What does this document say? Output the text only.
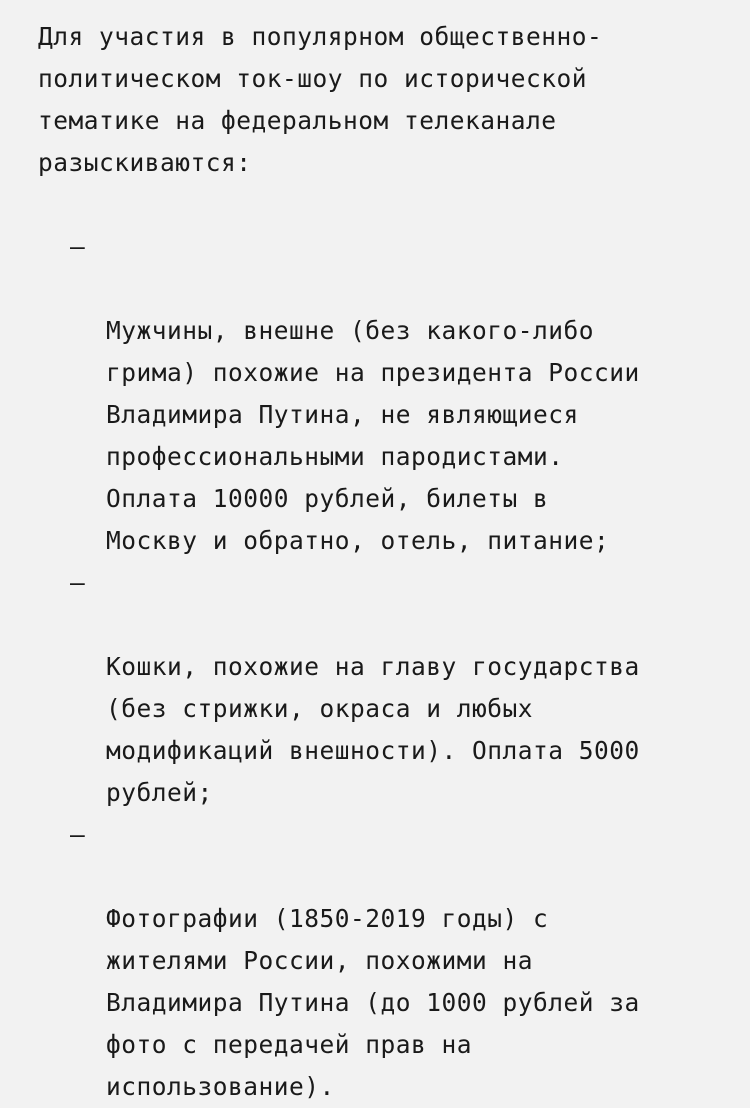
Для участия в популярном общественно-
политическом ток-шоу по исторической
тематике на федеральном телеканале
разыскиваются:

–

Мужчины, внешне (без какого-либо
грима) похожие на президента России
Владимира Путина, не являющиеся
профессиональными пародистами.
Оплата 10000 рублей, билеты в
Москву и обратно, отель, питание;

–

Кошки, похожие на главу государства
(без стрижки, окраса и любых
модификаций внешности). Оплата 5000
рублей;

–

Фотографии (1850-2019 годы) с
жителями России, похожими на
Владимира Путина (до 1000 рублей за
фото с передачей прав на
использование).
